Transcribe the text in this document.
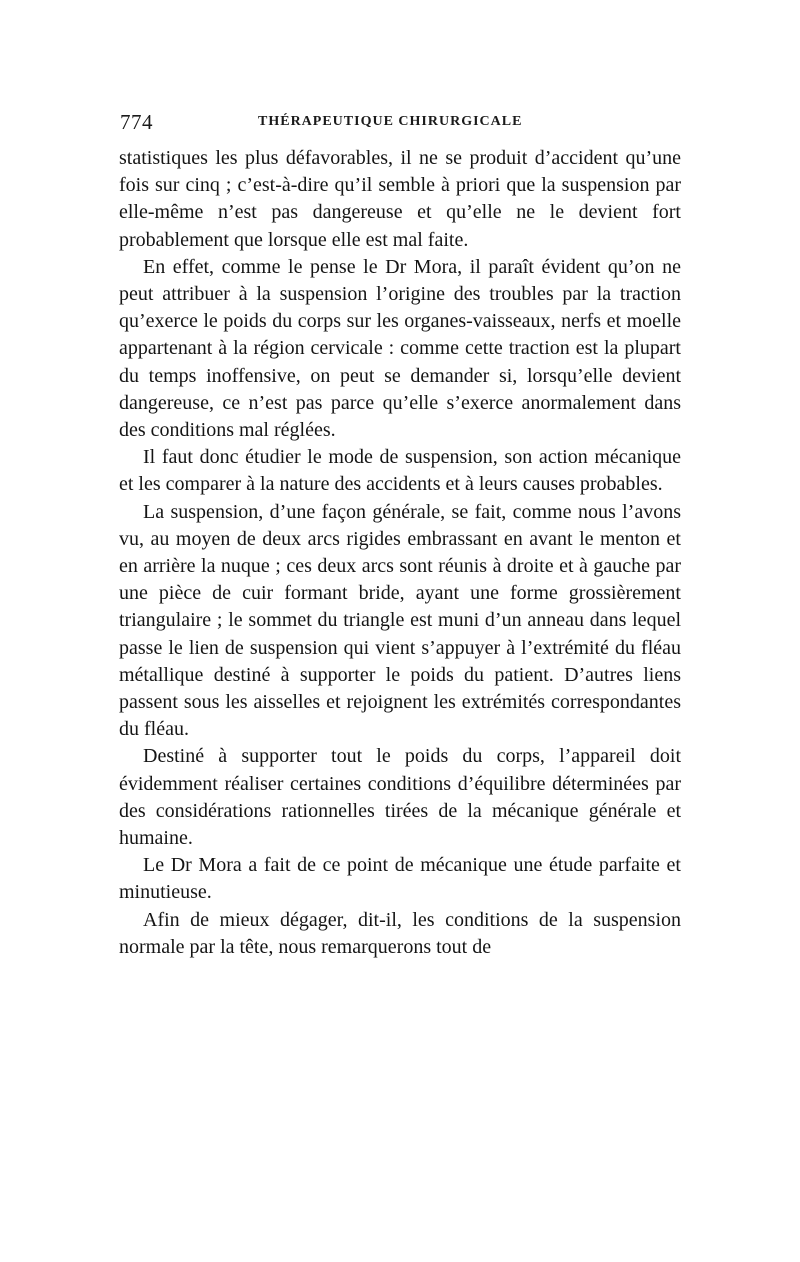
774	THÉRAPEUTIQUE CHIRURGICALE

statistiques les plus défavorables, il ne se produit d’accident qu’une fois sur cinq ; c’est-à-dire qu’il semble à priori que la suspension par elle-même n’est pas dangereuse et qu’elle ne le devient fort probablement que lorsque elle est mal faite.

En effet, comme le pense le Dr Mora, il paraît évident qu’on ne peut attribuer à la suspension l’origine des troubles par la traction qu’exerce le poids du corps sur les organes-vaisseaux, nerfs et moelle appartenant à la région cervicale : comme cette traction est la plupart du temps inoffensive, on peut se demander si, lorsqu’elle devient dangereuse, ce n’est pas parce qu’elle s’exerce anormalement dans des conditions mal réglées.

Il faut donc étudier le mode de suspension, son action mécanique et les comparer à la nature des accidents et à leurs causes probables.

La suspension, d’une façon générale, se fait, comme nous l’avons vu, au moyen de deux arcs rigides embrassant en avant le menton et en arrière la nuque ; ces deux arcs sont réunis à droite et à gauche par une pièce de cuir formant bride, ayant une forme grossièrement triangulaire ; le sommet du triangle est muni d’un anneau dans lequel passe le lien de suspension qui vient s’appuyer à l’extrémité du fléau métallique destiné à supporter le poids du patient. D’autres liens passent sous les aisselles et rejoignent les extrémités correspondantes du fléau.

Destiné à supporter tout le poids du corps, l’appareil doit évidemment réaliser certaines conditions d’équilibre déterminées par des considérations rationnelles tirées de la mécanique générale et humaine.

Le Dr Mora a fait de ce point de mécanique une étude parfaite et minutieuse.

Afin de mieux dégager, dit-il, les conditions de la suspension normale par la tête, nous remarquerons tout de
